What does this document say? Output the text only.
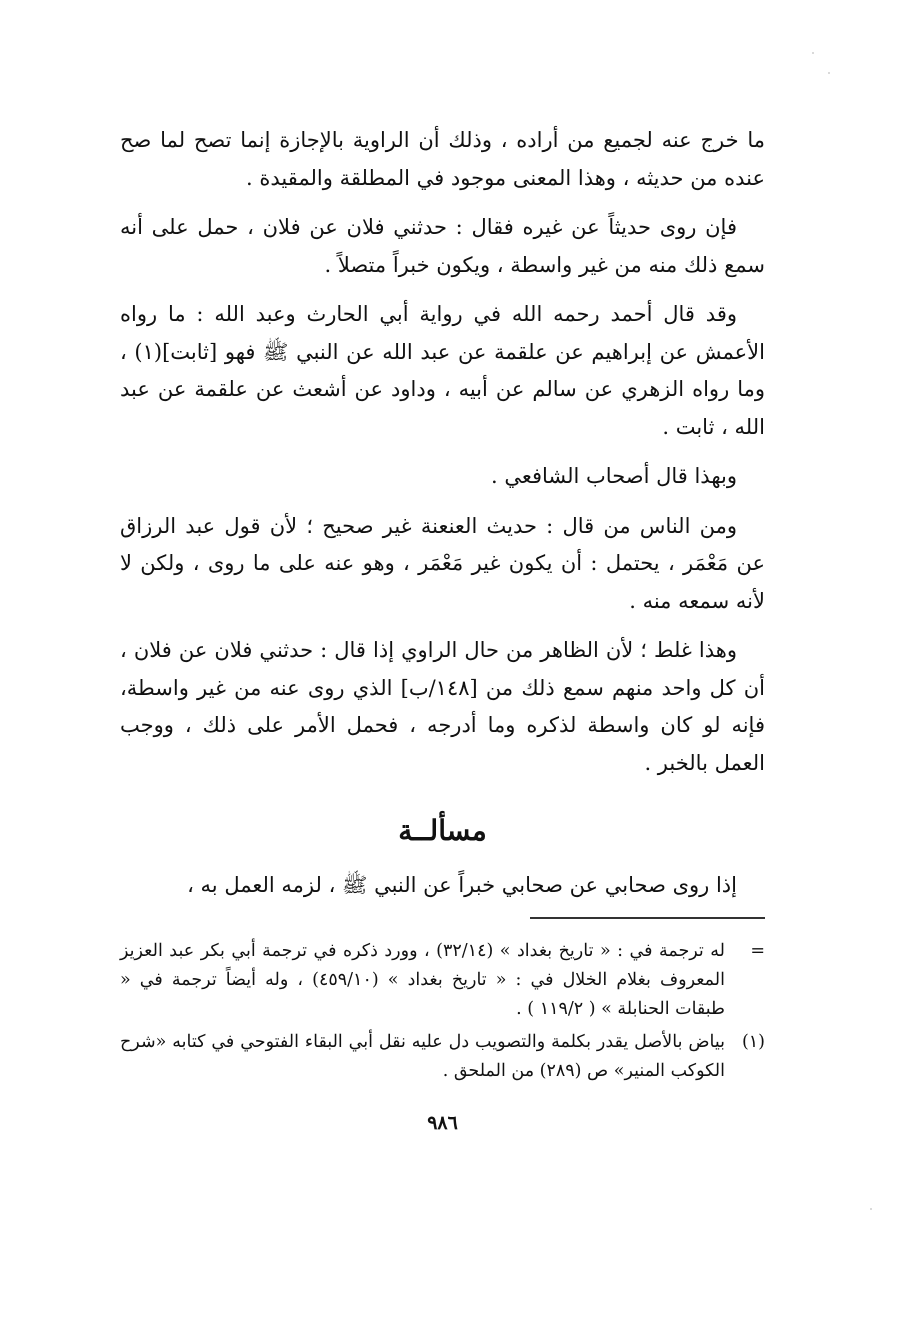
ما خرج عنه لجميع من أراده ، وذلك أن الراوية بالإجازة إنما تصح لما صح عنده من حديثه ، وهذا المعنى موجود في المطلقة والمقيدة .

فإن روى حديثاً عن غيره فقال : حدثني فلان عن فلان ، حمل على أنه سمع ذلك منه من غير واسطة ، ويكون خبراً متصلاً .

وقد قال أحمد رحمه الله في رواية أبي الحارث وعبد الله : ما رواه الأعمش عن إبراهيم عن علقمة عن عبد الله عن النبي ﷺ فهو [ثابت](١) ، وما رواه الزهري عن سالم عن أبيه ، وداود عن أشعث عن علقمة عن عبد الله ، ثابت .

وبهذا قال أصحاب الشافعي .

ومن الناس من قال : حديث العنعنة غير صحيح ؛ لأن قول عبد الرزاق عن مَعْمَر ، يحتمل : أن يكون غير مَعْمَر ، وهو عنه على ما روى ، ولكن لا لأنه سمعه منه .

وهذا غلط ؛ لأن الظاهر من حال الراوي إذا قال : حدثني فلان عن فلان ، أن كل واحد منهم سمع ذلك من [١٤٨/ب] الذي روى عنه من غير واسطة، فإنه لو كان واسطة لذكره وما أدرجه ، فحمل الأمر على ذلك ، ووجب العمل بالخبر .

مسألــة

إذا روى صحابي عن صحابي خبراً عن النبي ﷺ ، لزمه العمل به ،

=
له ترجمة في : « تاريخ بغداد » (٣٢/١٤) ، وورد ذكره في ترجمة أبي بكر عبد العزيز المعروف بغلام الخلال في : « تاريخ بغداد » (٤٥٩/١٠) ، وله أيضاً ترجمة في « طبقات الحنابلة » ( ١١٩/٢ ) .
(١)
بياض بالأصل يقدر بكلمة والتصويب دل عليه نقل أبي البقاء الفتوحي في كتابه «شرح الكوكب المنير» ص (٢٨٩) من الملحق .
٩٨٦
